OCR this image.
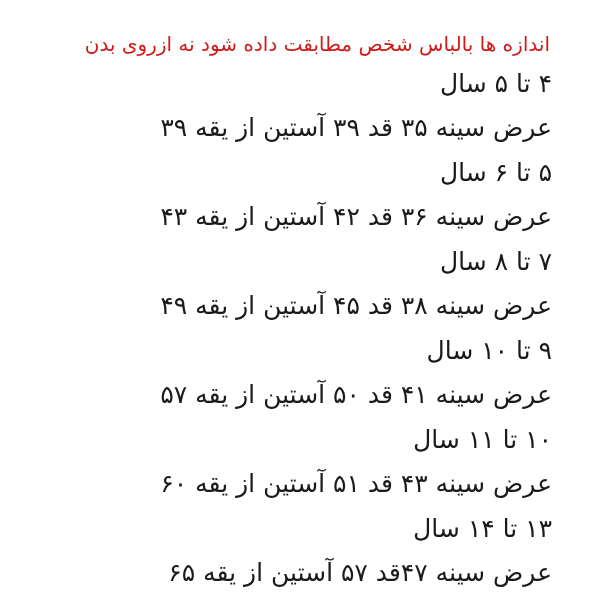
اندازه ها بالباس شخص مطابقت داده شود نه ازروی بدن
۴ تا ۵ سال
عرض سینه ۳۵ قد ۳۹ آستین از یقه ۳۹
۵ تا ۶ سال
عرض سینه ۳۶ قد ۴۲ آستین از یقه ۴۳
۷ تا ۸ سال
عرض سینه ۳۸ قد ۴۵ آستین از یقه ۴۹
۹ تا ۱۰ سال
عرض سینه ۴۱ قد ۵۰ آستین از یقه ۵۷
۱۰ تا ۱۱ سال
عرض سینه ۴۳ قد ۵۱ آستین از یقه ۶۰
۱۳ تا ۱۴ سال
عرض سینه ۴۷قد ۵۷ آستین از یقه ۶۵
